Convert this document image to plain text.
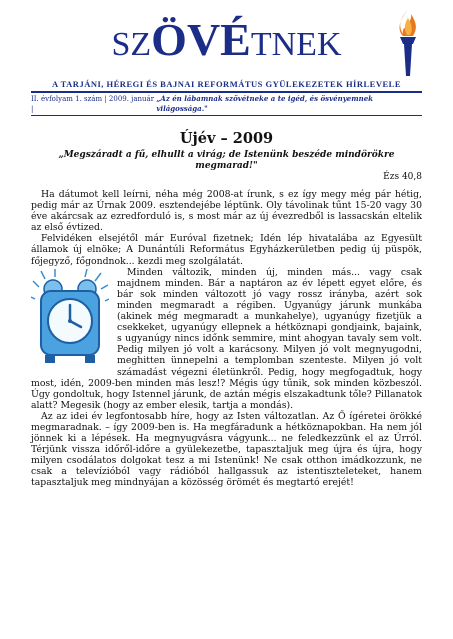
SZÖVÉTNEK
A TARJÁNI, HÉREGI ÉS BAJNAI REFORMÁTUS GYÜLEKEZETEK HÍRLEVELE
II. évfolyam 1. szám | 2009. január |
„Az én lábamnak szövétneke a te igéd, és ösvényemnek világossága."
Újév – 2009
„Megszáradt a fű, elhullt a virág; de Istenünk beszéde mindörökre megmarad!"
Ézs 40,8

Ha dátumot kell leírni, néha még 2008-at írunk, s ez így megy még pár hétig, pedig már az Úrnak 2009. esztendejébe léptünk. Oly távolinak tűnt 15-20 vagy 30 éve akárcsak az ezredforduló is, s most már az új évezredből is lassacskán eltelik az első évtized.

Felvidéken elsejétől már Euróval fizetnek; Idén lép hivatalába az Egyesült államok új elnöke; A Dunántúli Református Egyházkerületben pedig új püspök, főjegyző, főgondnok... kezdi meg szolgálatát.

Minden változik, minden új, minden más... vagy csak majdnem minden. Bár a naptáron az év lépett egyet előre, és bár sok minden változott jó vagy rossz irányba, azért sok minden megmaradt a régiben. Ugyanúgy járunk munkába (akinek még megmaradt a munkahelye), ugyanúgy fizetjük a csekkeket, ugyanúgy ellepnek a hétköznapi gondjaink, bajaink, s ugyanúgy nincs időnk semmire, mint ahogyan tavaly sem volt. Pedig milyen jó volt a karácsony. Milyen jó volt megnyugodni, meghitten ünnepelni a templomban szenteste. Milyen jó volt számadást végezni életünkről. Pedig, hogy megfogadtuk, hogy most, idén, 2009-ben minden más lesz!? Mégis úgy tűnik, sok minden közbeszól. Úgy gondoltuk, hogy Istennel járunk, de aztán mégis elszakadtunk tőle? Pillanatok alatt? Megesik (hogy az ember elesik, tartja a mondás).

Az az idei év legfontosabb híre, hogy az Isten változatlan. Az Ő ígéretei örökké megmaradnak. – így 2009-ben is. Ha megfáradunk a hétköznapokban. Ha nem jól jönnek ki a lépések. Ha megnyugvásra vágyunk... ne feledkezzünk el az Úrról. Térjünk vissza időről-időre a gyülekezetbe, tapasztaljuk meg újra és újra, hogy milyen csodálatos dolgokat tesz a mi Istenünk! Ne csak otthon imádkozzunk, ne csak a televízióból vagy rádióból hallgassuk az istentiszteleteket, hanem tapasztaljuk meg mindnyájan a közösség örömét és megtartó erejét!
